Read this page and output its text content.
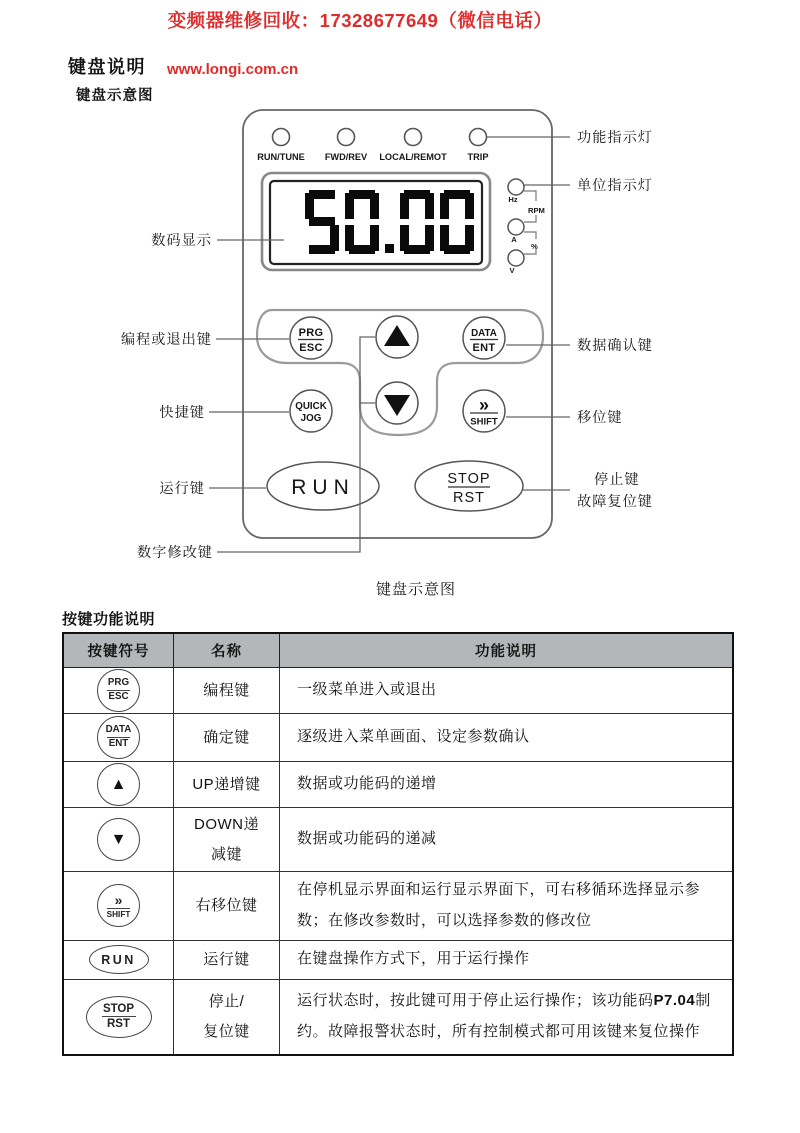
变频器维修回收：17328677649（微信电话）
键盘说明 www.longi.com.cn
键盘示意图
RUN/TUNE FWD/REV LOCAL/REMOT TRIP
Hz
RPM
A
%
V
PRG
ESC
DATA
ENT
QUICK
JOG
»
SHIFT
RUN	STOP
RST
功能指示灯
单位指示灯
数据确认键
移位键
停止键
故障复位键
数码显示
编程或退出键
快捷键
运行键
数字修改键
键盘示意图
按键功能说明
按键符号	名称	功能说明

PRG
ESC	编程键	一级菜单进入或退出

DATA
ENT	确定键	逐级进入菜单画面、设定参数确认

▲	UP递增键	数据或功能码的递增

▼	DOWN递
减键	数据或功能码的递减

»
SHIFT	右移位键	在停机显示界面和运行显示界面下，可右移循环选择显示参数；在修改参数时，可以选择参数的修改位

RUN	运行键	在键盘操作方式下，用于运行操作

STOP
RST	停止/
复位键	运行状态时，按此键可用于停止运行操作；该功能码P7.04制约。故障报警状态时，所有控制模式都可用该键来复位操作
